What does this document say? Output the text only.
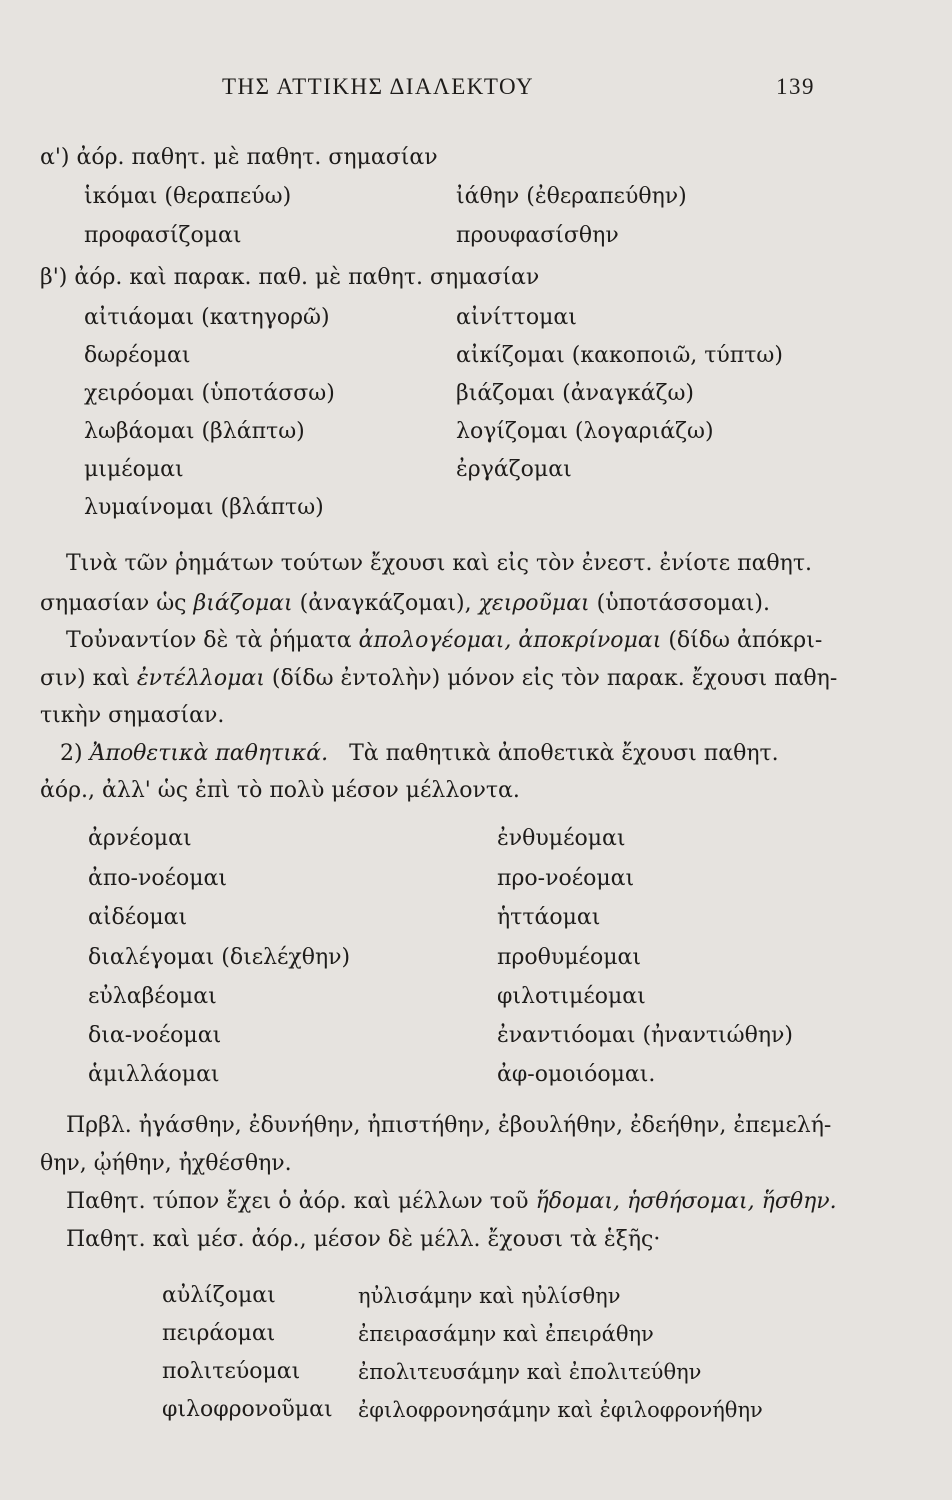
ΤΗΣ ΑΤΤΙΚΗΣ ΔΙΑΛΕΚΤΟΥ	139
α') ἀόρ. παθητ. μὲ παθητ. σημασίαν
ἱκόμαι (θεραπεύω)
προφασίζομαι
ἰάθην (ἐθεραπεύθην)
προυφασίσθην
β') ἀόρ. καὶ παρακ. παθ. μὲ παθητ. σημασίαν
αἰτιάομαι (κατηγορῶ)
δωρέομαι
χειρόομαι (ὑποτάσσω)
λωβάομαι (βλάπτω)
μιμέομαι
λυμαίνομαι (βλάπτω)
αἰνίττομαι
αἰκίζομαι (κακοποιῶ, τύπτω)
βιάζομαι (ἀναγκάζω)
λογίζομαι (λογαριάζω)
ἐργάζομαι
Τινὰ τῶν ῥημάτων τούτων ἔχουσι καὶ εἰς τὸν ἐνεστ. ἐνίοτε παθητ.
σημασίαν ὡς βιάζομαι (ἀναγκάζομαι), χειροῦμαι (ὑποτάσσομαι).
Τοὐναντίον δὲ τὰ ῥήματα ἀπολογέομαι, ἀποκρίνομαι (δίδω ἀπόκρι-
σιν) καὶ ἐντέλλομαι (δίδω ἐντολὴν) μόνον εἰς τὸν παρακ. ἔχουσι παθη-
τικὴν σημασίαν.
2) Ἀποθετικὰ παθητικά. Τὰ παθητικὰ ἀποθετικὰ ἔχουσι παθητ.
ἀόρ., ἀλλ' ὡς ἐπὶ τὸ πολὺ μέσον μέλλοντα.
ἀρνέομαι
ἀπο-νοέομαι
αἰδέομαι
διαλέγομαι (διελέχθην)
εὐλαβέομαι
δια-νοέομαι
ἁμιλλάομαι
ἐνθυμέομαι
προ-νοέομαι
ἡττάομαι
προθυμέομαι
φιλοτιμέομαι
ἐναντιόομαι (ἠναντιώθην)
ἀφ-ομοιόομαι.
Πρβλ. ἠγάσθην, ἐδυνήθην, ἠπιστήθην, ἐβουλήθην, ἐδεήθην, ἐπεμελή-
θην, ᾠήθην, ἠχθέσθην.
Παθητ. τύπον ἔχει ὁ ἀόρ. καὶ μέλλων τοῦ ἥδομαι, ἡσθήσομαι, ἥσθην.
Παθητ. καὶ μέσ. ἀόρ., μέσον δὲ μέλλ. ἔχουσι τὰ ἑξῆς·
αὐλίζομαι
πειράομαι
πολιτεύομαι
φιλοφρονοῦμαι
ηὐλισάμην καὶ ηὐλίσθην
ἐπειρασάμην καὶ ἐπειράθην
ἐπολιτευσάμην καὶ ἐπολιτεύθην
ἐφιλοφρονησάμην καὶ ἐφιλοφρονήθην
